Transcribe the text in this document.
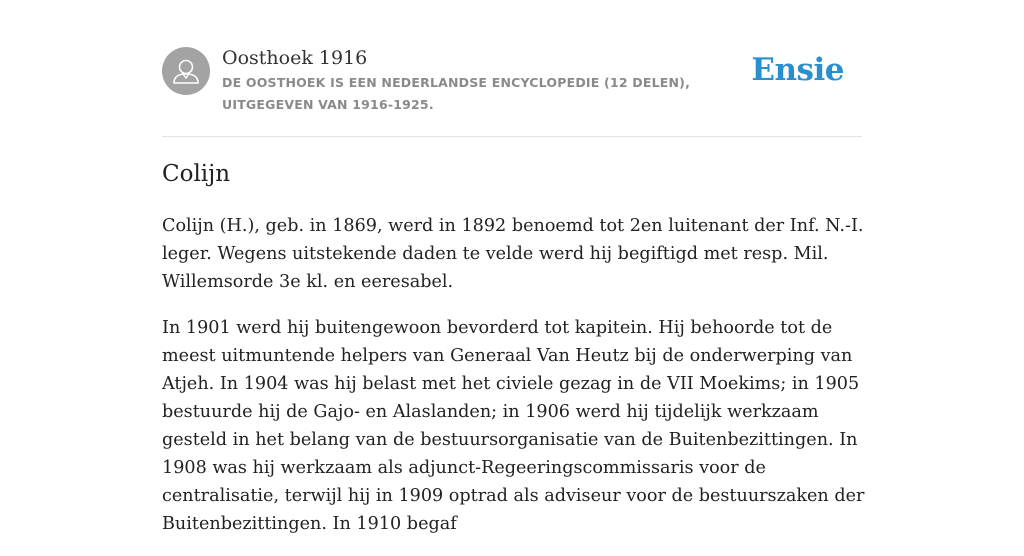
Oosthoek 1916

DE OOSTHOEK IS EEN NEDERLANDSE ENCYCLOPEDIE (12 DELEN), UITGEGEVEN VAN 1916-1925.

Ensie
Colijn

Colijn (H.), geb. in 1869, werd in 1892 benoemd tot 2en luitenant der Inf. N.-I. leger. Wegens uitstekende daden te velde werd hij begiftigd met resp. Mil. Willemsorde 3e kl. en eeresabel.

In 1901 werd hij buitengewoon bevorderd tot kapitein. Hij behoorde tot de meest uitmuntende helpers van Generaal Van Heutz bij de onderwerping van Atjeh. In 1904 was hij belast met het civiele gezag in de VII Moekims; in 1905 bestuurde hij de Gajo- en Alaslanden; in 1906 werd hij tijdelijk werkzaam gesteld in het belang van de bestuursorganisatie van de Buitenbezittingen. In 1908 was hij werkzaam als adjunct-Regeeringscommissaris voor de centralisatie, terwijl hij in 1909 optrad als adviseur voor de bestuurszaken der Buitenbezittingen. In 1910 begaf
